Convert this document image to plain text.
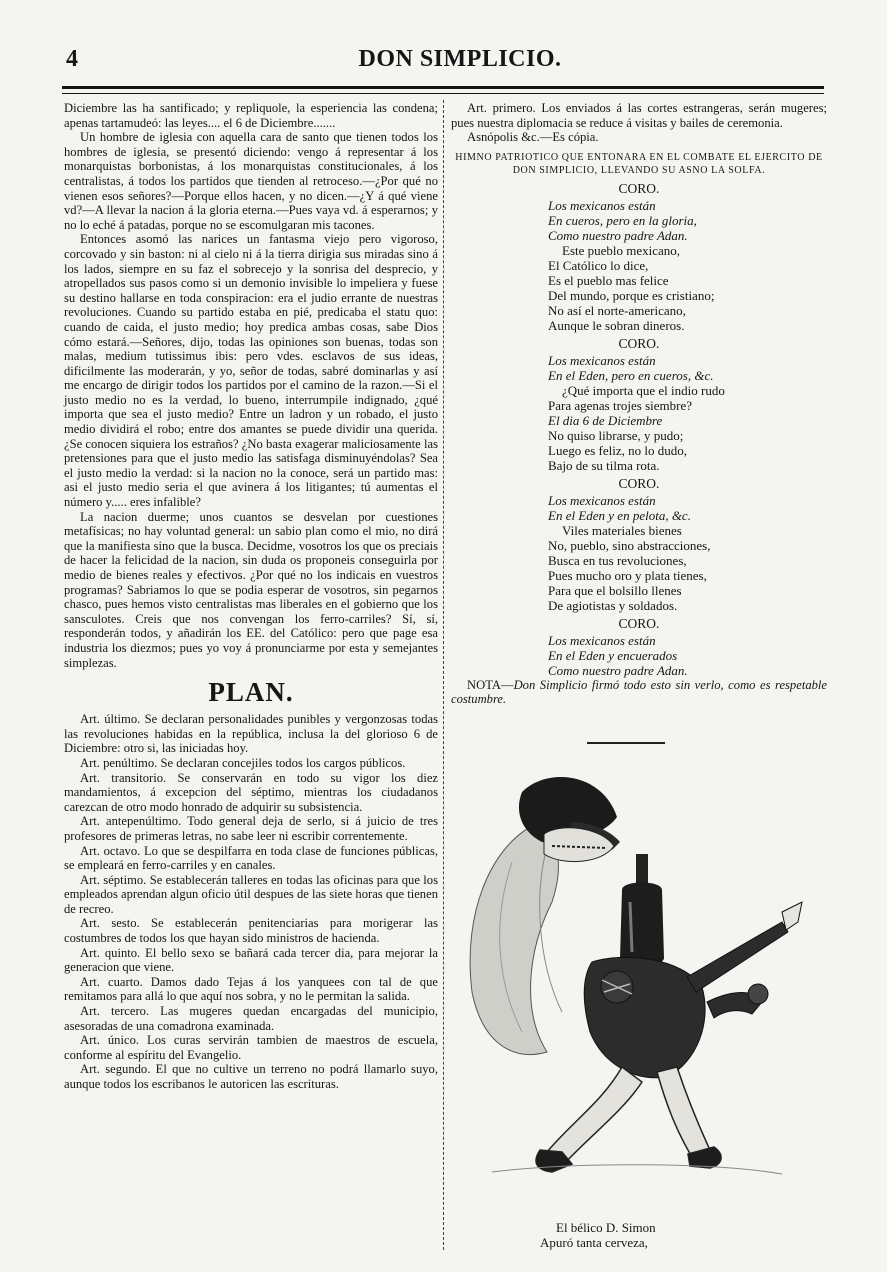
4	DON SIMPLICIO.

Diciembre las ha santificado; y repliquole, la esperiencia las condena; apenas tartamudeó: las leyes.... el 6 de Diciembre.......

Un hombre de iglesia con aquella cara de santo que tienen todos los hombres de iglesia, se presentó diciendo: vengo á representar á los monarquistas borbonistas, á los monarquistas constitucionales, á los centralistas, á todos los partidos que tienden al retroceso.—¿Por qué no vienen esos señores?—Porque ellos hacen, y no dicen.—¿Y á qué viene vd?—A llevar la nacion á la gloria eterna.—Pues vaya vd. á esperarnos; y no lo eché á patadas, porque no se escomulgaran mis tacones.

Entonces asomó las narices un fantasma viejo pero vigoroso, corcovado y sin baston: ni al cielo ni á la tierra dirigia sus miradas sino á los lados, siempre en su faz el sobrecejo y la sonrisa del desprecio, y atropellados sus pasos como si un demonio invisible lo impeliera y fuese su destino hallarse en toda conspiracion: era el judio errante de nuestras revoluciones. Cuando su partido estaba en pié, predicaba el statu quo: cuando de caida, el justo medio; hoy predica ambas cosas, sabe Dios cómo estará.—Señores, dijo, todas las opiniones son buenas, todas son malas, medium tutissimus ibis: pero vdes. esclavos de sus ideas, dificilmente las moderarán, y yo, señor de todas, sabré dominarlas y así me encargo de dirigir todos los partidos por el camino de la razon.—Si el justo medio no es la verdad, lo bueno, interrumpile indignado, ¿qué importa que sea el justo medio? Entre un ladron y un robado, el justo medio dividirá el robo; entre dos amantes se puede dividir una querida. ¿Se conocen siquiera los estraños? ¿No basta exagerar maliciosamente las pretensiones para que el justo medio las satisfaga disminuyéndolas? Sea el justo medio la verdad: si la nacion no la conoce, será un partido mas: asi el justo medio seria el que avinera á los litigantes; tú aumentas el número y..... eres infalible?

La nacion duerme; unos cuantos se desvelan por cuestiones metafísicas; no hay voluntad general: un sabio plan como el mio, no dirá que la manifiesta sino que la busca. Decidme, vosotros los que os preciais de hacer la felicidad de la nacion, sin duda os proponeis conseguirla por medio de bienes reales y efectivos. ¿Por qué no los indicais en vuestros programas? Sabriamos lo que se podia esperar de vosotros, sin pegarnos chasco, pues hemos visto centralistas mas liberales en el gobierno que los sansculotes. Creis que nos convengan los ferro-carriles? Sí, sí, responderán todos, y añadirán los EE. del Católico: pero que page esa industria los diezmos; pues yo voy á pronunciarme por esta y semejantes simplezas.

PLAN.

Art. último. Se declaran personalidades punibles y vergonzosas todas las revoluciones habidas en la república, inclusa la del glorioso 6 de Diciembre: otro si, las iniciadas hoy.

Art. penúltimo. Se declaran concejiles todos los cargos públicos.

Art. transitorio. Se conservarán en todo su vigor los diez mandamientos, á excepcion del séptimo, mientras los ciudadanos carezcan de otro modo honrado de adquirir su subsistencia.

Art. antepenúltimo. Todo general deja de serlo, si á juicio de tres profesores de primeras letras, no sabe leer ni escribir correntemente.

Art. octavo. Lo que se despilfarra en toda clase de funciones públicas, se empleará en ferro-carriles y en canales.

Art. séptimo. Se establecerán talleres en todas las oficinas para que los empleados aprendan algun oficio útil despues de las siete horas que tienen de recreo.

Art. sesto. Se establecerán penitenciarias para morigerar las costumbres de todos los que hayan sido ministros de hacienda.

Art. quinto. El bello sexo se bañará cada tercer dia, para mejorar la generacion que viene.

Art. cuarto. Damos dado Tejas á los yanquees con tal de que remitamos para allá lo que aquí nos sobra, y no le permitan la salida.

Art. tercero. Las mugeres quedan encargadas del municipio, asesoradas de una comadrona examinada.

Art. único. Los curas servirán tambien de maestros de escuela, conforme al espíritu del Evangelio.

Art. segundo. El que no cultive un terreno no podrá llamarlo suyo, aunque todos los escribanos le autoricen las escrituras.

Art. primero. Los enviados á las cortes estrangeras, serán mugeres; pues nuestra diplomacia se reduce á visitas y bailes de ceremonia.

Asnópolis &c.—Es cópia.

HIMNO PATRIOTICO QUE ENTONARA EN EL COMBATE EL EJERCITO DE DON SIMPLICIO, LLEVANDO SU ASNO LA SOLFA.
CORO.
Los mexicanos están
En cueros, pero en la gloria,
Como nuestro padre Adan.
Este pueblo mexicano,
El Católico lo dice,
Es el pueblo mas felice
Del mundo, porque es cristiano;
No así el norte-americano,
Aunque le sobran dineros.
CORO.
Los mexicanos están
En el Eden, pero en cueros, &c.
¿Qué importa que el indio rudo
Para agenas trojes siembre?
El dia 6 de Diciembre
No quiso librarse, y pudo;
Luego es feliz, no lo dudo,
Bajo de su tilma rota.
CORO.
Los mexicanos están
En el Eden y en pelota, &c.
Viles materiales bienes
No, pueblo, sino abstracciones,
Busca en tus revoluciones,
Pues mucho oro y plata tienes,
Para que el bolsillo llenes
De agiotistas y soldados.
CORO.
Los mexicanos están
En el Eden y encuerados
Como nuestro padre Adan.

NOTA—Don Simplicio firmó todo esto sin verlo, como es respetable costumbre.

El bélico D. Simon
Apuró tanta cerveza,
